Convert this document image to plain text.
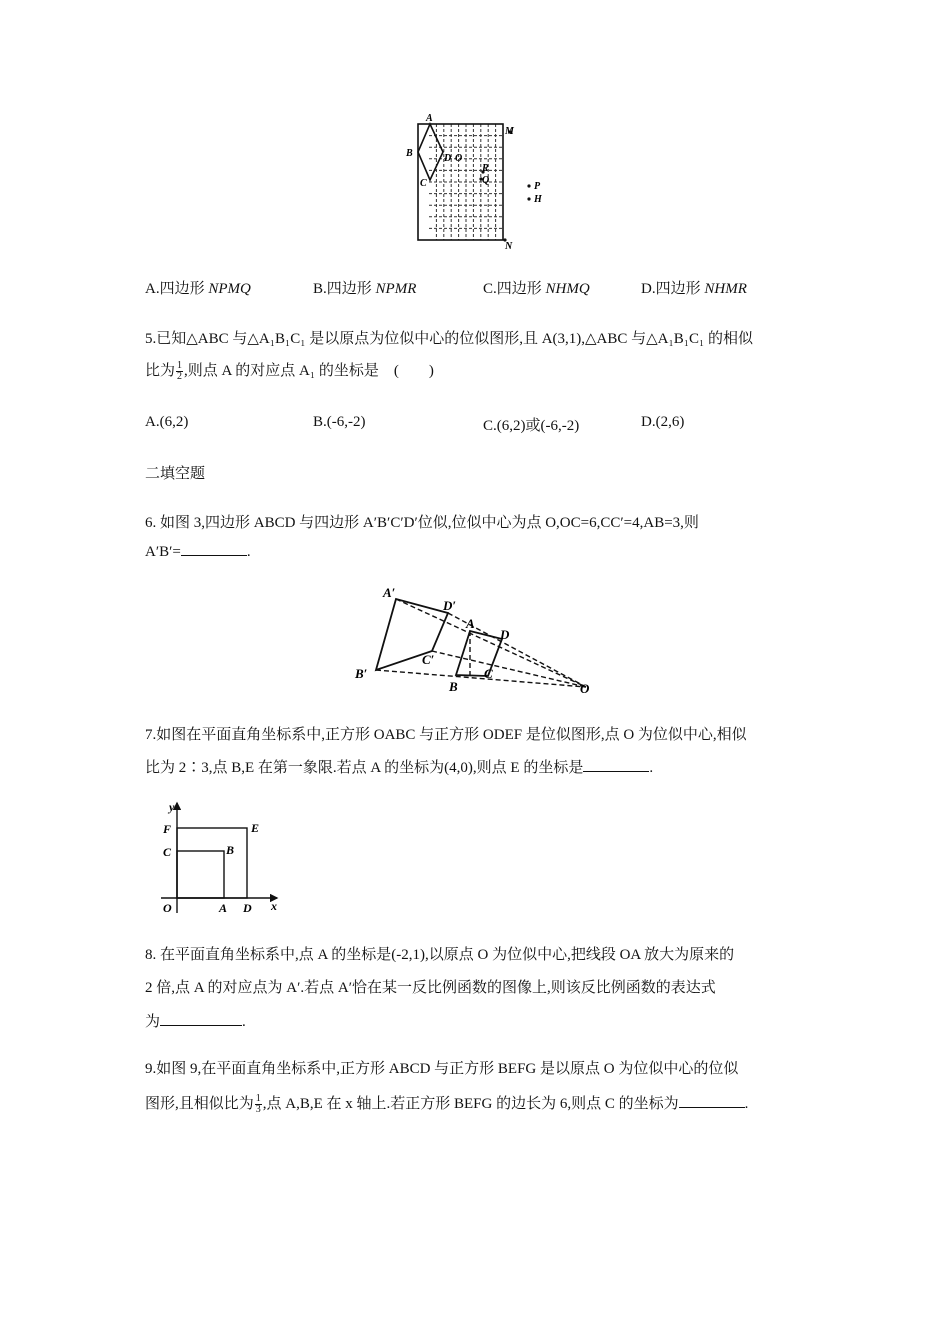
A
B
C
D O
M
R
Q
P
H
N
A.四边形 NPMQ	B.四边形 NPMR	C.四边形 NHMQ	D.四边形 NHMR
5.已知△ABC 与△A₁B₁C₁ 是以原点为位似中心的位似图形,且 A(3,1),△ABC 与△A₁B₁C₁ 的相似
比为 $\frac{1}{2}$ ,则点 A 的对应点 A₁ 的坐标是　(　　)
A.(6,2)	B.(-6,-2)	C.(6,2)或(-6,-2)	D.(2,6)
二填空题
6. 如图 3,四边形 ABCD 与四边形 A′B′C′D′位似,位似中心为点 O,OC=6,CC′=4,AB=3,则
A′B′=	.
A′
D′
A
D
C′
B′
B
C
O
7.如图在平面直角坐标系中,正方形 OABC 与正方形 ODEF 是位似图形,点 O 为位似中心,相似
比为 2∶3,点 B,E 在第一象限.若点 A 的坐标为(4,0),则点 E 的坐标是	.
y
x
F	E
C	B
O	A D
8. 在平面直角坐标系中,点 A 的坐标是(-2,1),以原点 O 为位似中心,把线段 OA 放大为原来的
2 倍,点 A 的对应点为 A′.若点 A′恰在某一反比例函数的图像上,则该反比例函数的表达式
为	.
9.如图 9,在平面直角坐标系中,正方形 ABCD 与正方形 BEFG 是以原点 O 为位似中心的位似
图形,且相似比为 $\frac{1}{3}$ ,点 A,B,E 在 x 轴上.若正方形 BEFG 的边长为 6,则点 C 的坐标为	.
